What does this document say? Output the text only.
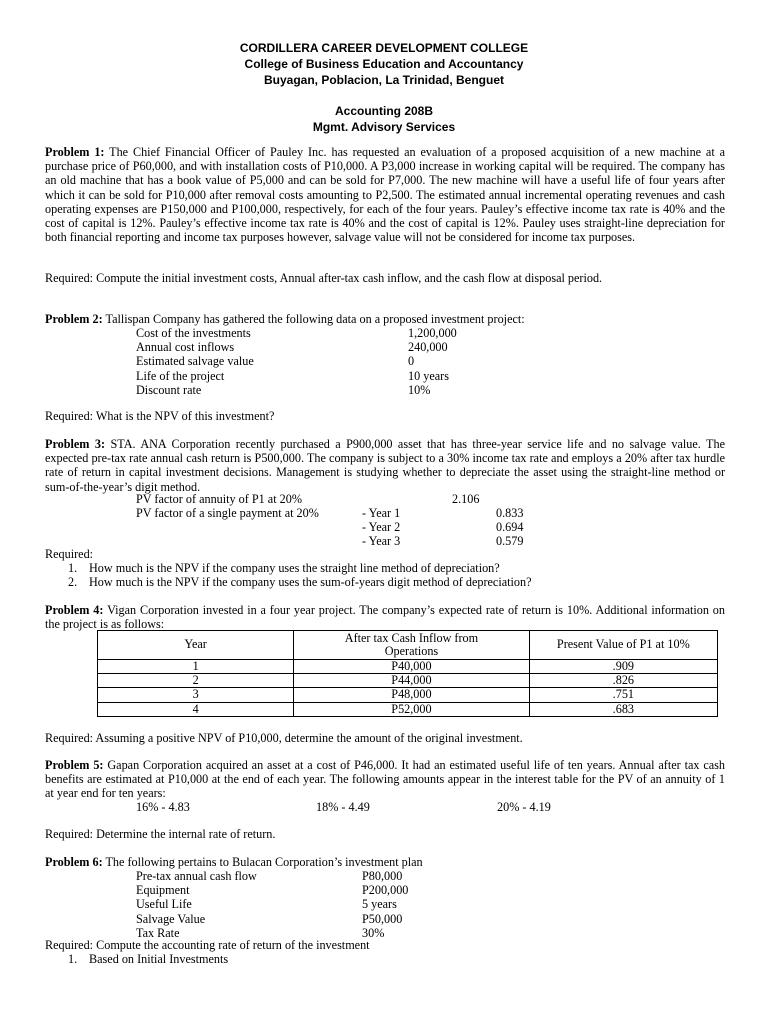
CORDILLERA CAREER DEVELOPMENT COLLEGE
College of Business Education and Accountancy
Buyagan, Poblacion, La Trinidad, Benguet
Accounting 208B
Mgmt. Advisory Services

Problem 1: The Chief Financial Officer of Pauley Inc. has requested an evaluation of a proposed acquisition of a new machine at a purchase price of P60,000, and with installation costs of P10,000. A P3,000 increase in working capital will be required. The company has an old machine that has a book value of P5,000 and can be sold for P7,000. The new machine will have a useful life of four years after which it can be sold for P10,000 after removal costs amounting to P2,500. The estimated annual incremental operating revenues and cash operating expenses are P150,000 and P100,000, respectively, for each of the four years. Pauley’s effective income tax rate is 40% and the cost of capital is 12%. Pauley’s effective income tax rate is 40% and the cost of capital is 12%. Pauley uses straight-line depreciation for both financial reporting and income tax purposes however, salvage value will not be considered for income tax purposes.

Required: Compute the initial investment costs, Annual after-tax cash inflow, and the cash flow at disposal period.

Problem 2: Tallispan Company has gathered the following data on a proposed investment project:

Cost of the investments	1,200,000
Annual cost inflows	240,000
Estimated salvage value	0
Life of the project	10 years
Discount rate	10%

Required: What is the NPV of this investment?

Problem 3: STA. ANA Corporation recently purchased a P900,000 asset that has three-year service life and no salvage value. The expected pre-tax rate annual cash return is P500,000. The company is subject to a 30% income tax rate and employs a 20% after tax hurdle rate of return in capital investment decisions. Management is studying whether to depreciate the asset using the straight-line method or sum-of-the-year’s digit method.

PV factor of annuity of P1 at 20%	2.106
PV factor of a single payment at 20%	- Year 1	0.833
- Year 2	0.694
- Year 3	0.579
Required:
1. How much is the NPV if the company uses the straight line method of depreciation?
2. How much is the NPV if the company uses the sum-of-years digit method of depreciation?

Problem 4: Vigan Corporation invested in a four year project. The company’s expected rate of return is 10%. Additional information on the project is as follows:

Year	After tax Cash Inflow from Operations	Present Value of P1 at 10%
1	P40,000	.909
2	P44,000	.826
3	P48,000	.751
4	P52,000	.683

Required: Assuming a positive NPV of P10,000, determine the amount of the original investment.

Problem 5: Gapan Corporation acquired an asset at a cost of P46,000. It had an estimated useful life of ten years. Annual after tax cash benefits are estimated at P10,000 at the end of each year. The following amounts appear in the interest table for the PV of an annuity of 1 at year end for ten years:

16% - 4.83	18% - 4.49	20% - 4.19

Required: Determine the internal rate of return.

Problem 6: The following pertains to Bulacan Corporation’s investment plan

Pre-tax annual cash flow	P80,000
Equipment	P200,000
Useful Life	5 years
Salvage Value	P50,000
Tax Rate	30%
Required: Compute the accounting rate of return of the investment
1. Based on Initial Investments
